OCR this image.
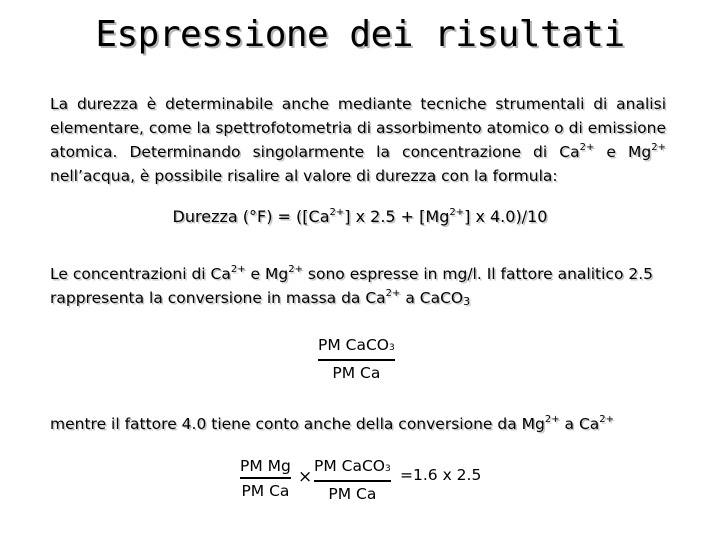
Espressione dei risultati
La durezza è determinabile anche mediante tecniche strumentali di analisi elementare, come la spettrofotometria di assorbimento atomico o di emissione atomica. Determinando singolarmente la concentrazione di $Ca^{2+}$ e $Mg^{2+}$ nell’acqua, è possibile risalire al valore di durezza con la formula:
Durezza $(^\circ F) = ([Ca^{2+}]$ x $2.5 + [Mg^{2+}]$ x 4.0)/10
Le concentrazioni di $Ca^{2+}$ e $Mg^{2+}$ sono espresse in mg/l. Il fattore analitico 2.5 rappresenta la conversione in massa da $Ca^{2+}$ a CaCO3
PM CaCO3
PM Ca
mentre il fattore 4.0 tiene conto anche della conversione da $Mg^{2+}$ a $Ca^{2+}$
PM Mg
PM Ca
×
PM CaCO3
PM Ca
=1.6 x 2.5
